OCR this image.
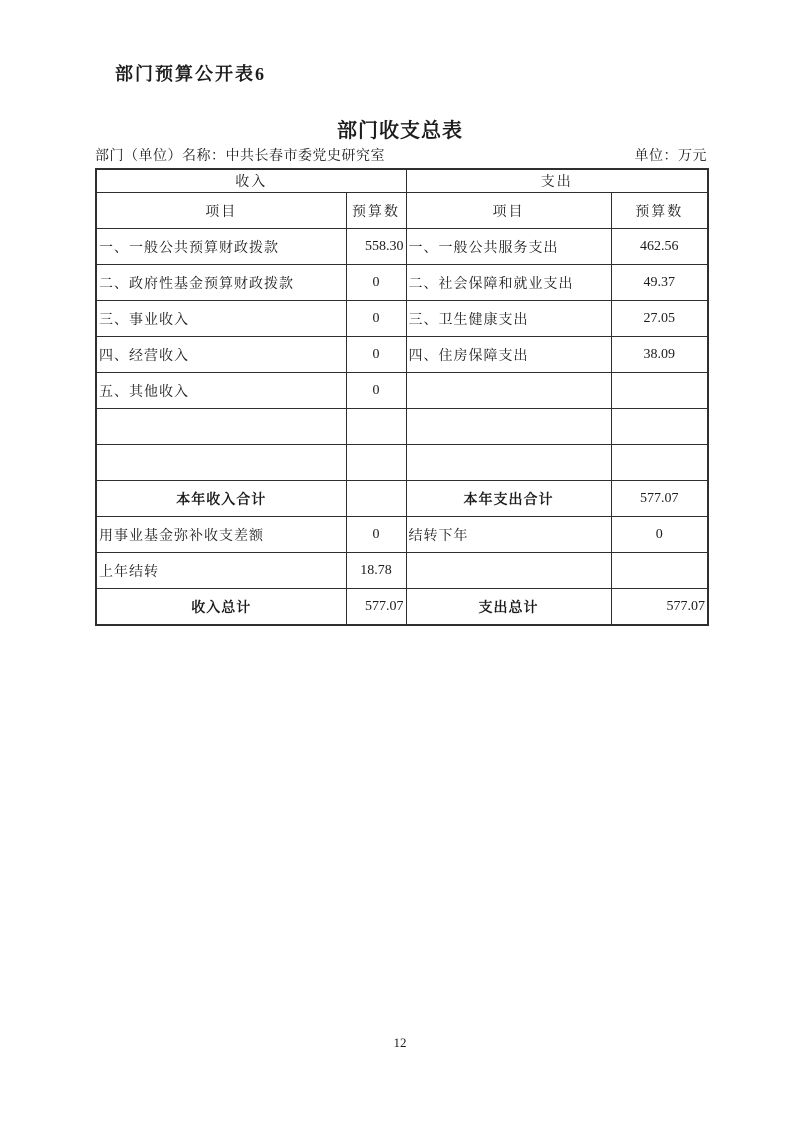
部门预算公开表6
部门收支总表
部门（单位）名称：中共长春市委党史研究室	单位：万元
收入		支出	
项目	预算数	项目	预算数
一、一般公共预算财政拨款	558.30	一、一般公共服务支出	462.56
二、政府性基金预算财政拨款	0	二、社会保障和就业支出	49.37
三、事业收入	0	三、卫生健康支出	27.05
四、经营收入	0	四、住房保障支出	38.09
五、其他收入	0		

本年收入合计		本年支出合计	577.07
用事业基金弥补收支差额	0	结转下年	0
上年结转	18.78		
收入总计	577.07	支出总计	577.07
12
